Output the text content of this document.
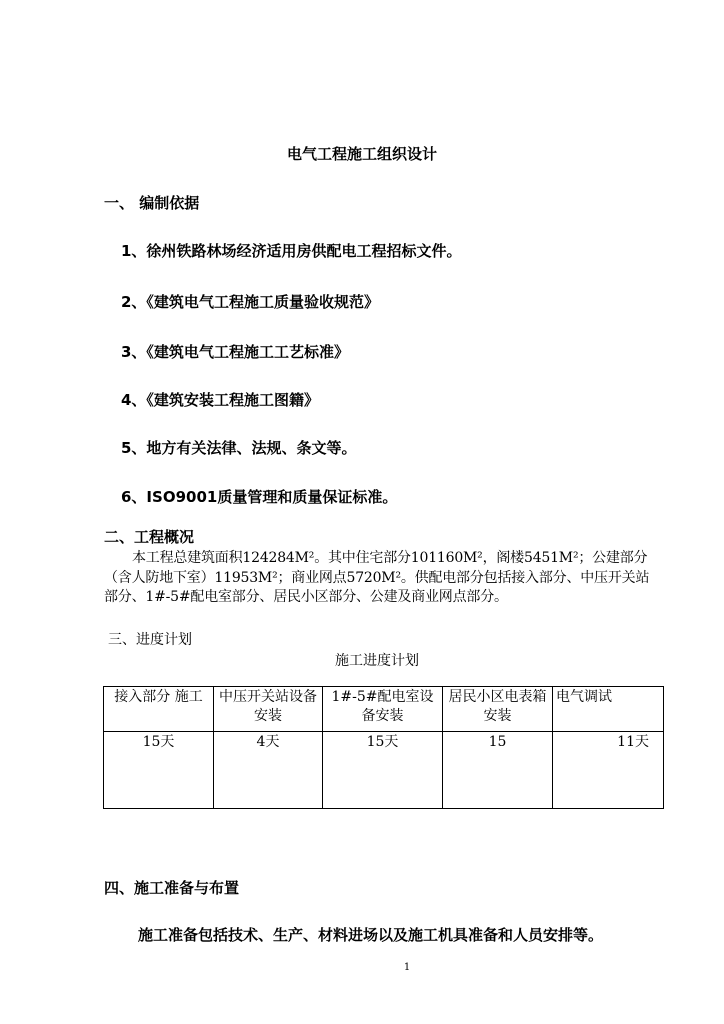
电气工程施工组织设计
一、 编制依据
1、徐州铁路林场经济适用房供配电工程招标文件。
2、《建筑电气工程施工质量验收规范》
3、《建筑电气工程施工工艺标准》
4、《建筑安装工程施工图籍》
5、地方有关法律、法规、条文等。
6、ISO9001质量管理和质量保证标准。
二、工程概况
本工程总建筑面积124284M²。其中住宅部分101160M²，阁楼5451M²；公建部分（含人防地下室）11953M²；商业网点5720M²。供配电部分包括接入部分、中压开关站部分、1#-5#配电室部分、居民小区部分、公建及商业网点部分。
三、进度计划
施工进度计划
接入部分 施工	中压开关站设备安装	1#-5#配电室设备安装	居民小区电表箱安装	电气调试
15天	4天	15天	15	11天
四、施工准备与布置
施工准备包括技术、生产、材料进场以及施工机具准备和人员安排等。
1
